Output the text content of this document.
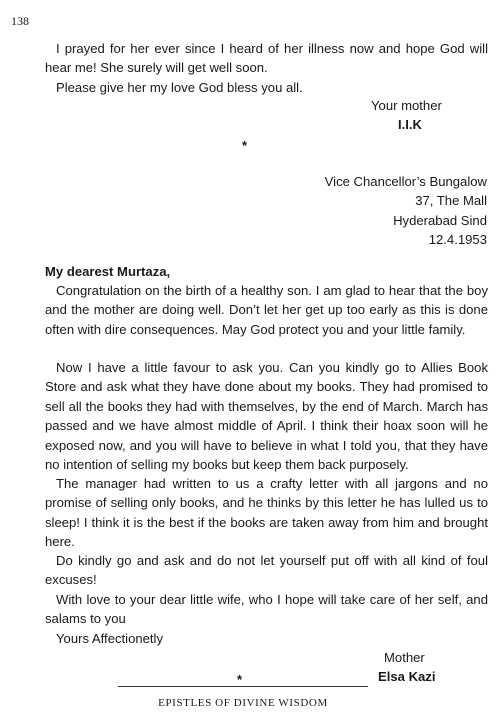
138

I prayed for her ever since I heard of her illness now and hope God will hear me! She surely will get well soon.

Please give her my love God bless you all.

Your mother

I.I.K

*
Vice Chancellor’s Bungalow
37, The Mall
Hyderabad Sind
12.4.1953

My dearest Murtaza,

Congratulation on the birth of a healthy son. I am glad to hear that the boy and the mother are doing well. Don’t let her get up too early as this is done often with dire consequences. May God protect you and your little family.

Now I have a little favour to ask you. Can you kindly go to Allies Book Store and ask what they have done about my books. They had promised to sell all the books they had with themselves, by the end of March. March has passed and we have almost middle of April. I think their hoax soon will he exposed now, and you will have to believe in what I told you, that they have no intention of selling my books but keep them back purposely.

The manager had written to us a crafty letter with all jargons and no promise of selling only books, and he thinks by this letter he has lulled us to sleep! I think it is the best if the books are taken away from him and brought here.

Do kindly go and ask and do not let yourself put off with all kind of foul excuses!

With love to your dear little wife, who I hope will take care of her self, and salams to you

Yours Affectionetly

Mother

Elsa Kazi

*
EPISTLES OF DIVINE WISDOM
